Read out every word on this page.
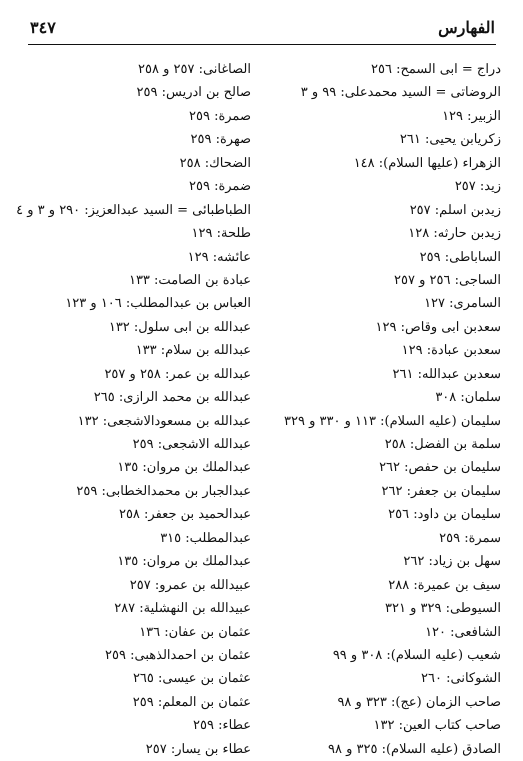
٣٤٧	الفهارس
دراج = ابی السمح: ٢٥٦
الروضاتی = السيد محمدعلی: ٩٩ و ٣
الزبير: ١٢٩
زكريابن يحيى: ٢٦١
الزهراء (عليها السلام): ١٤٨
زيد: ٢٥٧
زيدبن اسلم: ٢٥٧
زيدبن حارثه: ١٢٨
الساباطی: ٢٥٩
الساجی: ٢٥٦ و ٢٥٧
السامری: ١٢٧
سعدبن ابی وقاص: ١٢٩
سعدبن عبادة: ١٢٩
سعدبن عبدالله: ٢٦١
سلمان: ٣٠٨
سليمان (عليه السلام): ١١٣ و ٣٣٠ و ٣٢٩
سلمة بن الفضل: ٢٥٨
سليمان بن حفص: ٢٦٢
سليمان بن جعفر: ٢٦٢
سليمان بن داود: ٢٥٦
سمرة: ٢٥٩
سهل بن زياد: ٢٦٢
سيف بن عميرة: ٢٨٨
السيوطی: ٣٢٩ و ٣٢١
الشافعی: ١٢٠
شعيب (عليه السلام): ٣٠٨ و ٩٩
الشوكانی: ٢٦٠
صاحب الزمان (عج): ٣٢٣ و ٩٨
صاحب كتاب العين: ١٣٢
الصادق (عليه السلام): ٣٢٥ و ٩٨
الصاغانی: ٢٥٧ و ٢٥٨
صالح بن ادريس: ٢٥٩
صمرة: ٢٥٩
صهرة: ٢٥٩
الضحاك: ٢٥٨
ضمرة: ٢٥٩
الطباطبائی = السيد عبدالعزيز: ٢٩٠ و ٣ و ٤
طلحة: ١٢٩
عائشه: ١٢٩
عبادة بن الصامت: ١٣٣
العباس بن عبدالمطلب: ١٠٦ و ١٢٣
عبدالله بن ابی سلول: ١٣٢
عبدالله بن سلام: ١٣٣
عبدالله بن عمر: ٢٥٨ و ٢٥٧
عبدالله بن محمد الرازی: ٢٦٥
عبدالله بن مسعودالاشجعی: ١٣٢
عبدالله الاشجعی: ٢٥٩
عبدالملك بن مروان: ١٣٥
عبدالجبار بن محمدالخطابی: ٢٥٩
عبدالحميد بن جعفر: ٢٥٨
عبدالمطلب: ٣١٥
عبدالملك بن مروان: ١٣٥
عبيدالله بن عمرو: ٢٥٧
عبيدالله بن النهشلية: ٢٨٧
عثمان بن عفان: ١٣٦
عثمان بن احمدالذهبی: ٢٥٩
عثمان بن عيسى: ٢٦٥
عثمان بن المعلم: ٢٥٩
عطاء: ٢٥٩
عطاء بن يسار: ٢٥٧
